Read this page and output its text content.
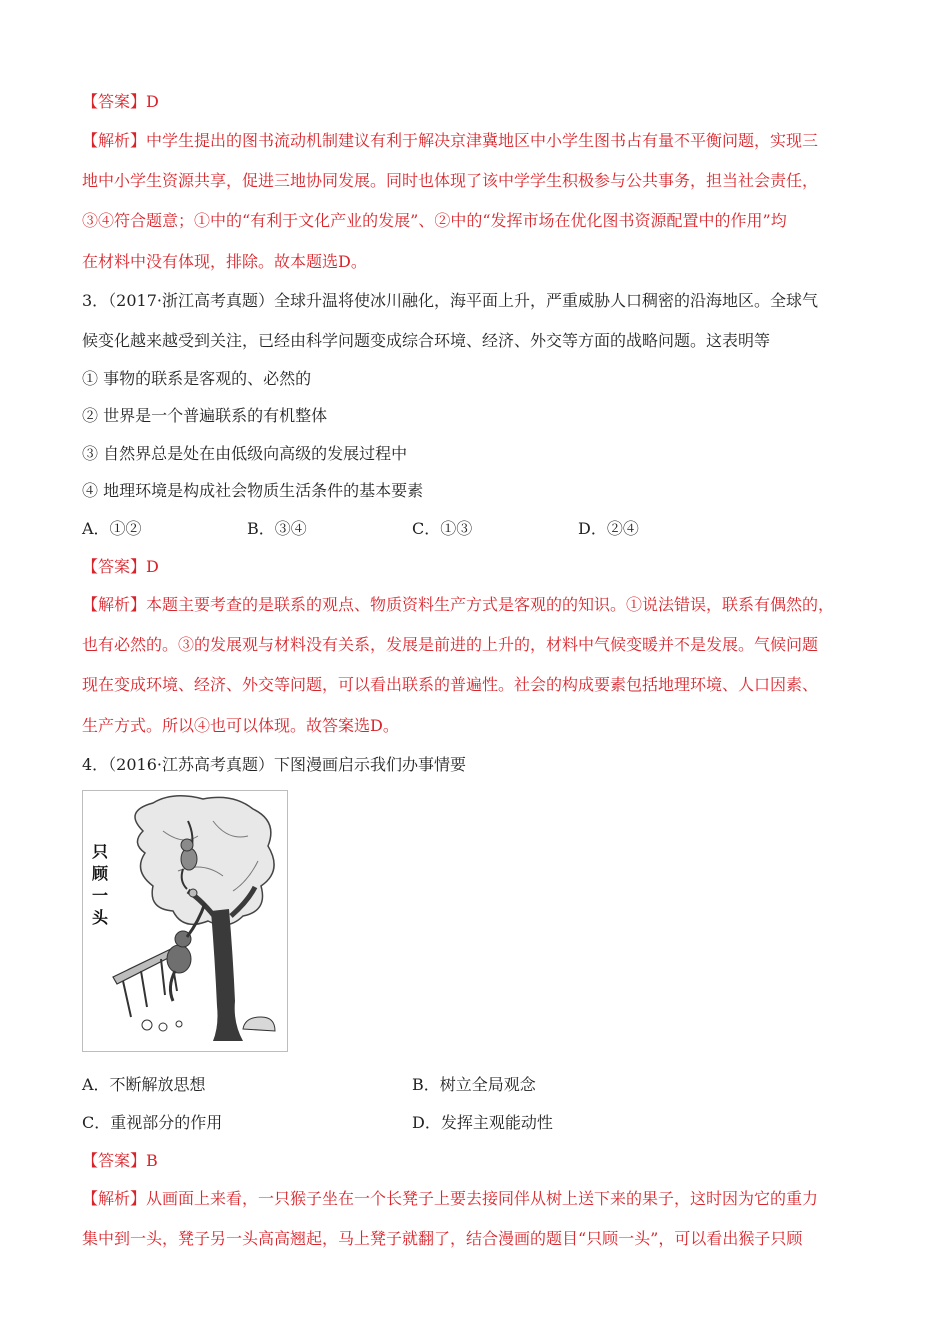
【答案】D
【解析】中学生提出的图书流动机制建议有利于解决京津冀地区中小学生图书占有量不平衡问题，实现三
地中小学生资源共享，促进三地协同发展。同时也体现了该中学学生积极参与公共事务，担当社会责任，
③④符合题意；①中的“有利于文化产业的发展”、②中的“发挥市场在优化图书资源配置中的作用”均
在材料中没有体现，排除。故本题选D。
3．（2017·浙江高考真题）全球升温将使冰川融化，海平面上升，严重威胁人口稠密的沿海地区。全球气
候变化越来越受到关注，已经由科学问题变成综合环境、经济、外交等方面的战略问题。这表明等
① 事物的联系是客观的、必然的
② 世界是一个普遍联系的有机整体
③ 自然界总是处在由低级向高级的发展过程中
④ 地理环境是构成社会物质生活条件的基本要素
A．①②	B．③④	C．①③	D．②④
【答案】D
【解析】本题主要考查的是联系的观点、物质资料生产方式是客观的的知识。①说法错误，联系有偶然的，
也有必然的。③的发展观与材料没有关系，发展是前进的上升的，材料中气候变暖并不是发展。气候问题
现在变成环境、经济、外交等问题，可以看出联系的普遍性。社会的构成要素包括地理环境、人口因素、
生产方式。所以④也可以体现。故答案选D。
4．（2016·江苏高考真题）下图漫画启示我们办事情要
只
顾
一
头
A．不断解放思想	B．树立全局观念
C．重视部分的作用	D．发挥主观能动性
【答案】B
【解析】从画面上来看，一只猴子坐在一个长凳子上要去接同伴从树上送下来的果子，这时因为它的重力
集中到一头，凳子另一头高高翘起，马上凳子就翻了，结合漫画的题目“只顾一头”，可以看出猴子只顾
